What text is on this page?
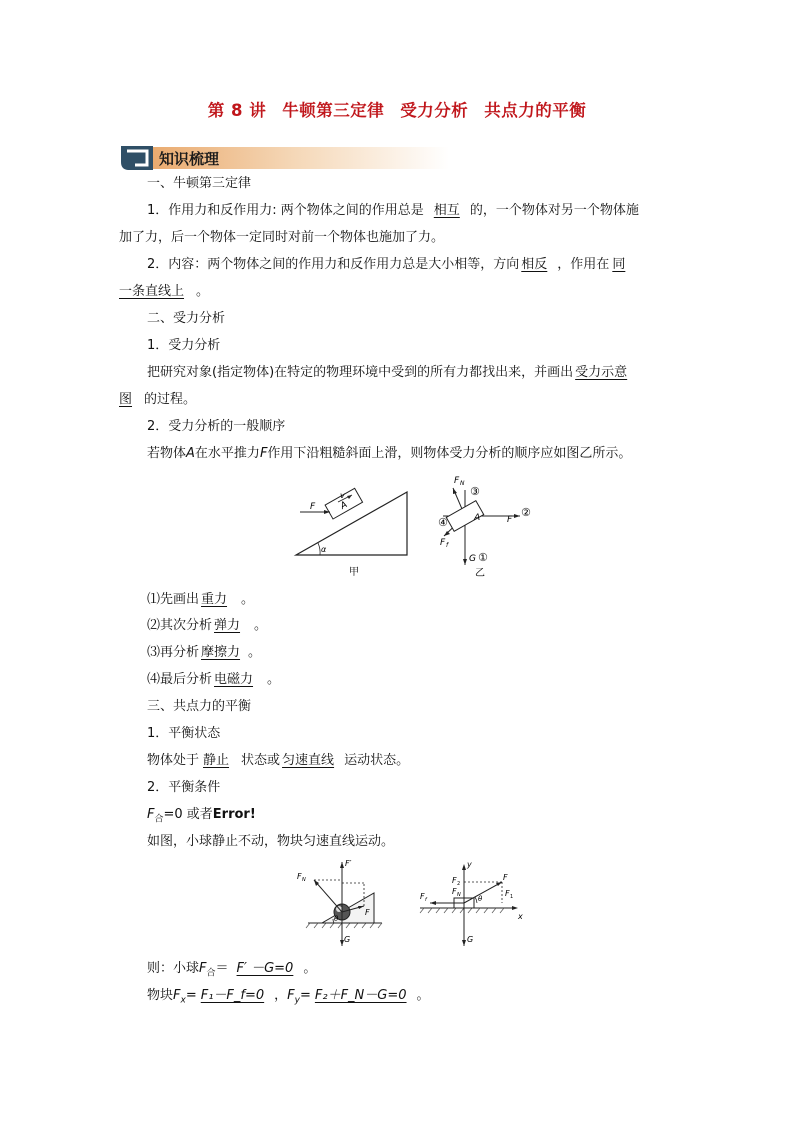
第 8 讲 牛顿第三定律 受力分析 共点力的平衡
知识梳理
一、牛顿第三定律
1．作用力和反作用力: 两个物体之间的作用总是 相互 的，一个物体对另一个物体施
加了力，后一个物体一定同时对前一个物体也施加了力。
2．内容：两个物体之间的作用力和反作用力总是大小相等，方向 相反 ，作用在 同
一条直线上 。
二、受力分析
1．受力分析
把研究对象(指定物体)在特定的物理环境中受到的所有力都找出来，并画出 受力示意
图 的过程。
2．受力分析的一般顺序
若物体A在水平推力F作用下沿粗糙斜面上滑，则物体受力分析的顺序应如图乙所示。
α
A
F
v
甲
A	F
②
F N
③
④
F f
G ①
乙
⑴先画出 重力 。
⑵其次分析 弹力 。
⑶再分析 摩擦力 。
⑷最后分析 电磁力 。
三、共点力的平衡
1．平衡状态
物体处于 静止 状态或 匀速直线 运动状态。
2．平衡条件
$F_合=0$ 或者Error!
如图，小球静止不动，物块匀速直线运动。
θ
F N
F′
F
G
θ
y
x
F
F 2
F N	F 1
F f
G
则：小球$F_合= F' -G=0$ 。
物块$F_x=$ F₁－F_f=0 ，$F_y=$ F₂＋F_N－G=0 。
